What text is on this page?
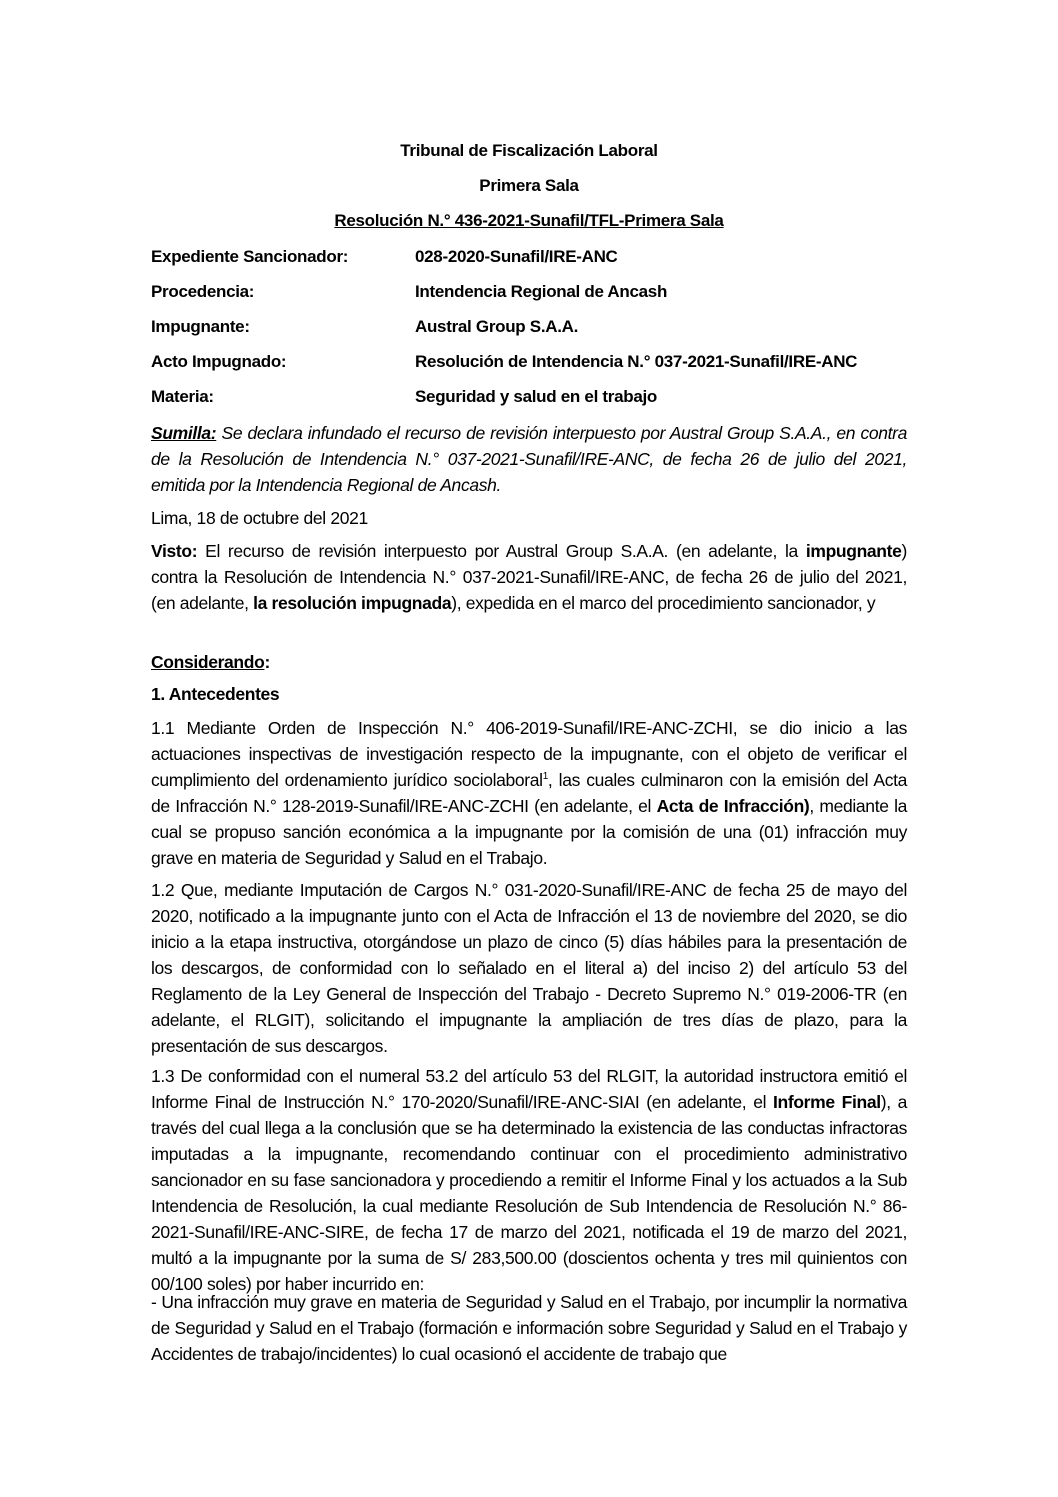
Tribunal de Fiscalización Laboral
Primera Sala
Resolución N.° 436-2021-Sunafil/TFL-Primera Sala
Expediente Sancionador:	028-2020-Sunafil/IRE-ANC
Procedencia:	Intendencia Regional de Ancash
Impugnante:	Austral Group S.A.A.
Acto Impugnado:	Resolución de Intendencia N.° 037-2021-Sunafil/IRE-ANC
Materia:	Seguridad y salud en el trabajo
Sumilla: Se declara infundado el recurso de revisión interpuesto por Austral Group S.A.A., en contra de la Resolución de Intendencia N.° 037-2021-Sunafil/IRE-ANC, de fecha 26 de julio del 2021, emitida por la Intendencia Regional de Ancash.
Lima, 18 de octubre del 2021
Visto: El recurso de revisión interpuesto por Austral Group S.A.A. (en adelante, la impugnante) contra la Resolución de Intendencia N.° 037-2021-Sunafil/IRE-ANC, de fecha 26 de julio del 2021, (en adelante, la resolución impugnada), expedida en el marco del procedimiento sancionador, y
Considerando:
1. Antecedentes
1.1 Mediante Orden de Inspección N.° 406-2019-Sunafil/IRE-ANC-ZCHI, se dio inicio a las actuaciones inspectivas de investigación respecto de la impugnante, con el objeto de verificar el cumplimiento del ordenamiento jurídico sociolaboral$^1$, las cuales culminaron con la emisión del Acta de Infracción N.° 128-2019-Sunafil/IRE-ANC-ZCHI (en adelante, el Acta de Infracción), mediante la cual se propuso sanción económica a la impugnante por la comisión de una (01) infracción muy grave en materia de Seguridad y Salud en el Trabajo.
1.2 Que, mediante Imputación de Cargos N.° 031-2020-Sunafil/IRE-ANC de fecha 25 de mayo del 2020, notificado a la impugnante junto con el Acta de Infracción el 13 de noviembre del 2020, se dio inicio a la etapa instructiva, otorgándose un plazo de cinco (5) días hábiles para la presentación de los descargos, de conformidad con lo señalado en el literal a) del inciso 2) del artículo 53 del Reglamento de la Ley General de Inspección del Trabajo - Decreto Supremo N.° 019-2006-TR (en adelante, el RLGIT), solicitando el impugnante la ampliación de tres días de plazo, para la presentación de sus descargos.
1.3 De conformidad con el numeral 53.2 del artículo 53 del RLGIT, la autoridad instructora emitió el Informe Final de Instrucción N.° 170-2020/Sunafil/IRE-ANC-SIAI (en adelante, el Informe Final), a través del cual llega a la conclusión que se ha determinado la existencia de las conductas infractoras imputadas a la impugnante, recomendando continuar con el procedimiento administrativo sancionador en su fase sancionadora y procediendo a remitir el Informe Final y los actuados a la Sub Intendencia de Resolución, la cual mediante Resolución de Sub Intendencia de Resolución N.° 86-2021-Sunafil/IRE-ANC-SIRE, de fecha 17 de marzo del 2021, notificada el 19 de marzo del 2021, multó a la impugnante por la suma de S/ 283,500.00 (doscientos ochenta y tres mil quinientos con 00/100 soles) por haber incurrido en:
- Una infracción muy grave en materia de Seguridad y Salud en el Trabajo, por incumplir la normativa de Seguridad y Salud en el Trabajo (formación e información sobre Seguridad y Salud en el Trabajo y Accidentes de trabajo/incidentes) lo cual ocasionó el accidente de trabajo que
